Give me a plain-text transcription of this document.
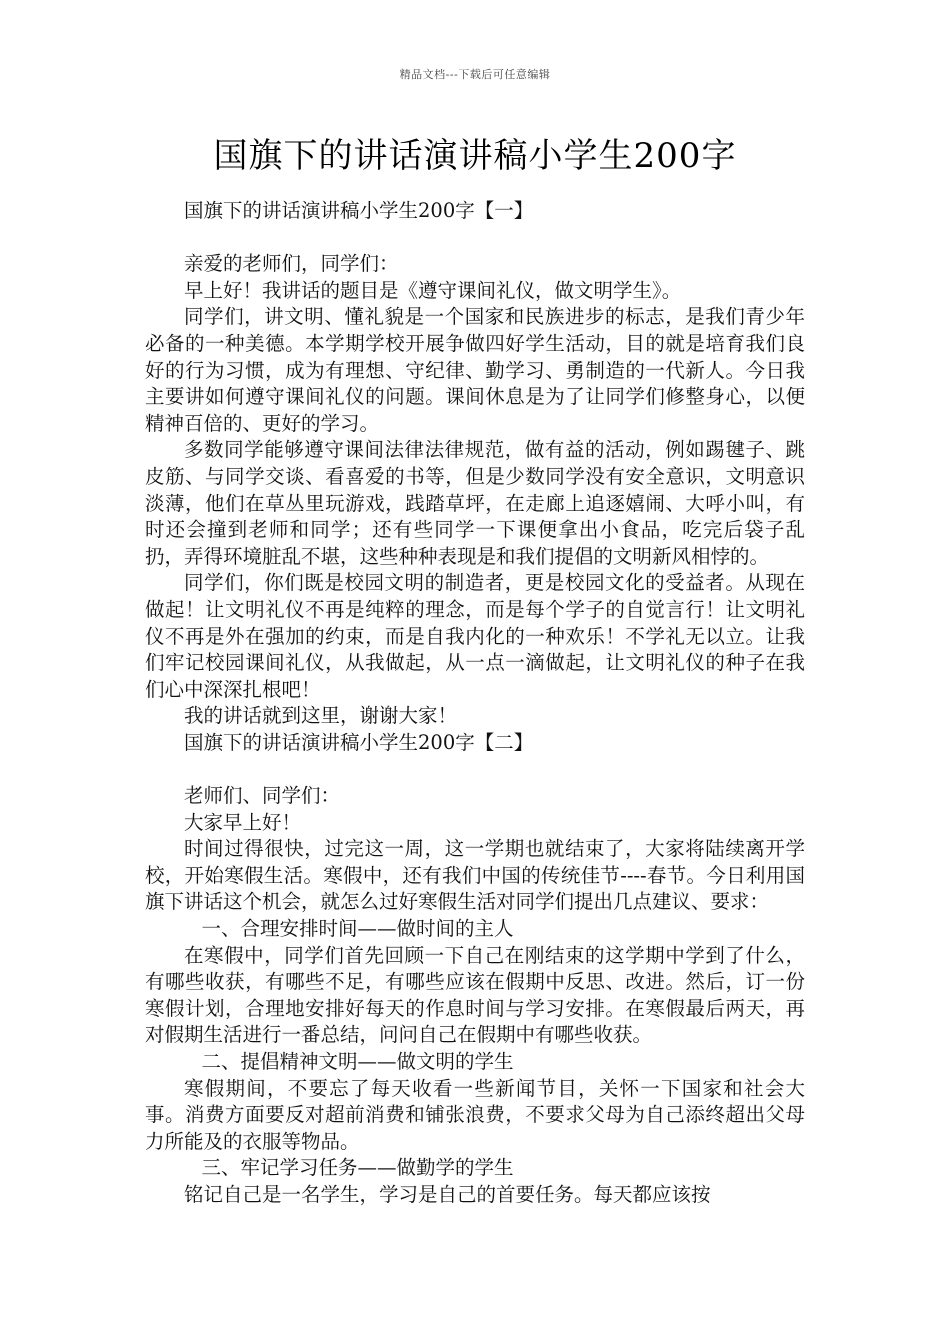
精品文档---下载后可任意编辑
国旗下的讲话演讲稿小学生200字

国旗下的讲话演讲稿小学生200字【一】

亲爱的老师们，同学们：

早上好！我讲话的题目是《遵守课间礼仪，做文明学生》。

同学们，讲文明、懂礼貌是一个国家和民族进步的标志，是我们青少年必备的一种美德。本学期学校开展争做四好学生活动，目的就是培育我们良好的行为习惯，成为有理想、守纪律、勤学习、勇制造的一代新人。今日我主要讲如何遵守课间礼仪的问题。课间休息是为了让同学们修整身心，以便精神百倍的、更好的学习。

多数同学能够遵守课间法律法律规范，做有益的活动，例如踢毽子、跳皮筋、与同学交谈、看喜爱的书等，但是少数同学没有安全意识，文明意识淡薄，他们在草丛里玩游戏，践踏草坪，在走廊上追逐嬉闹、大呼小叫，有时还会撞到老师和同学；还有些同学一下课便拿出小食品，吃完后袋子乱扔，弄得环境脏乱不堪，这些种种表现是和我们提倡的文明新风相悖的。

同学们，你们既是校园文明的制造者，更是校园文化的受益者。从现在做起！让文明礼仪不再是纯粹的理念，而是每个学子的自觉言行！让文明礼仪不再是外在强加的约束，而是自我内化的一种欢乐！不学礼无以立。让我们牢记校园课间礼仪，从我做起，从一点一滴做起，让文明礼仪的种子在我们心中深深扎根吧！

我的讲话就到这里，谢谢大家！

国旗下的讲话演讲稿小学生200字【二】

老师们、同学们：

大家早上好！

时间过得很快，过完这一周，这一学期也就结束了，大家将陆续离开学校，开始寒假生活。寒假中，还有我们中国的传统佳节----春节。今日利用国旗下讲话这个机会，就怎么过好寒假生活对同学们提出几点建议、要求：

一、合理安排时间——做时间的主人

在寒假中，同学们首先回顾一下自己在刚结束的这学期中学到了什么，有哪些收获，有哪些不足，有哪些应该在假期中反思、改进。然后，订一份寒假计划，合理地安排好每天的作息时间与学习安排。在寒假最后两天，再对假期生活进行一番总结，问问自己在假期中有哪些收获。

二、提倡精神文明——做文明的学生

寒假期间，不要忘了每天收看一些新闻节目，关怀一下国家和社会大事。消费方面要反对超前消费和铺张浪费，不要求父母为自己添终超出父母力所能及的衣服等物品。

三、牢记学习任务——做勤学的学生

铭记自己是一名学生，学习是自己的首要任务。每天都应该按
